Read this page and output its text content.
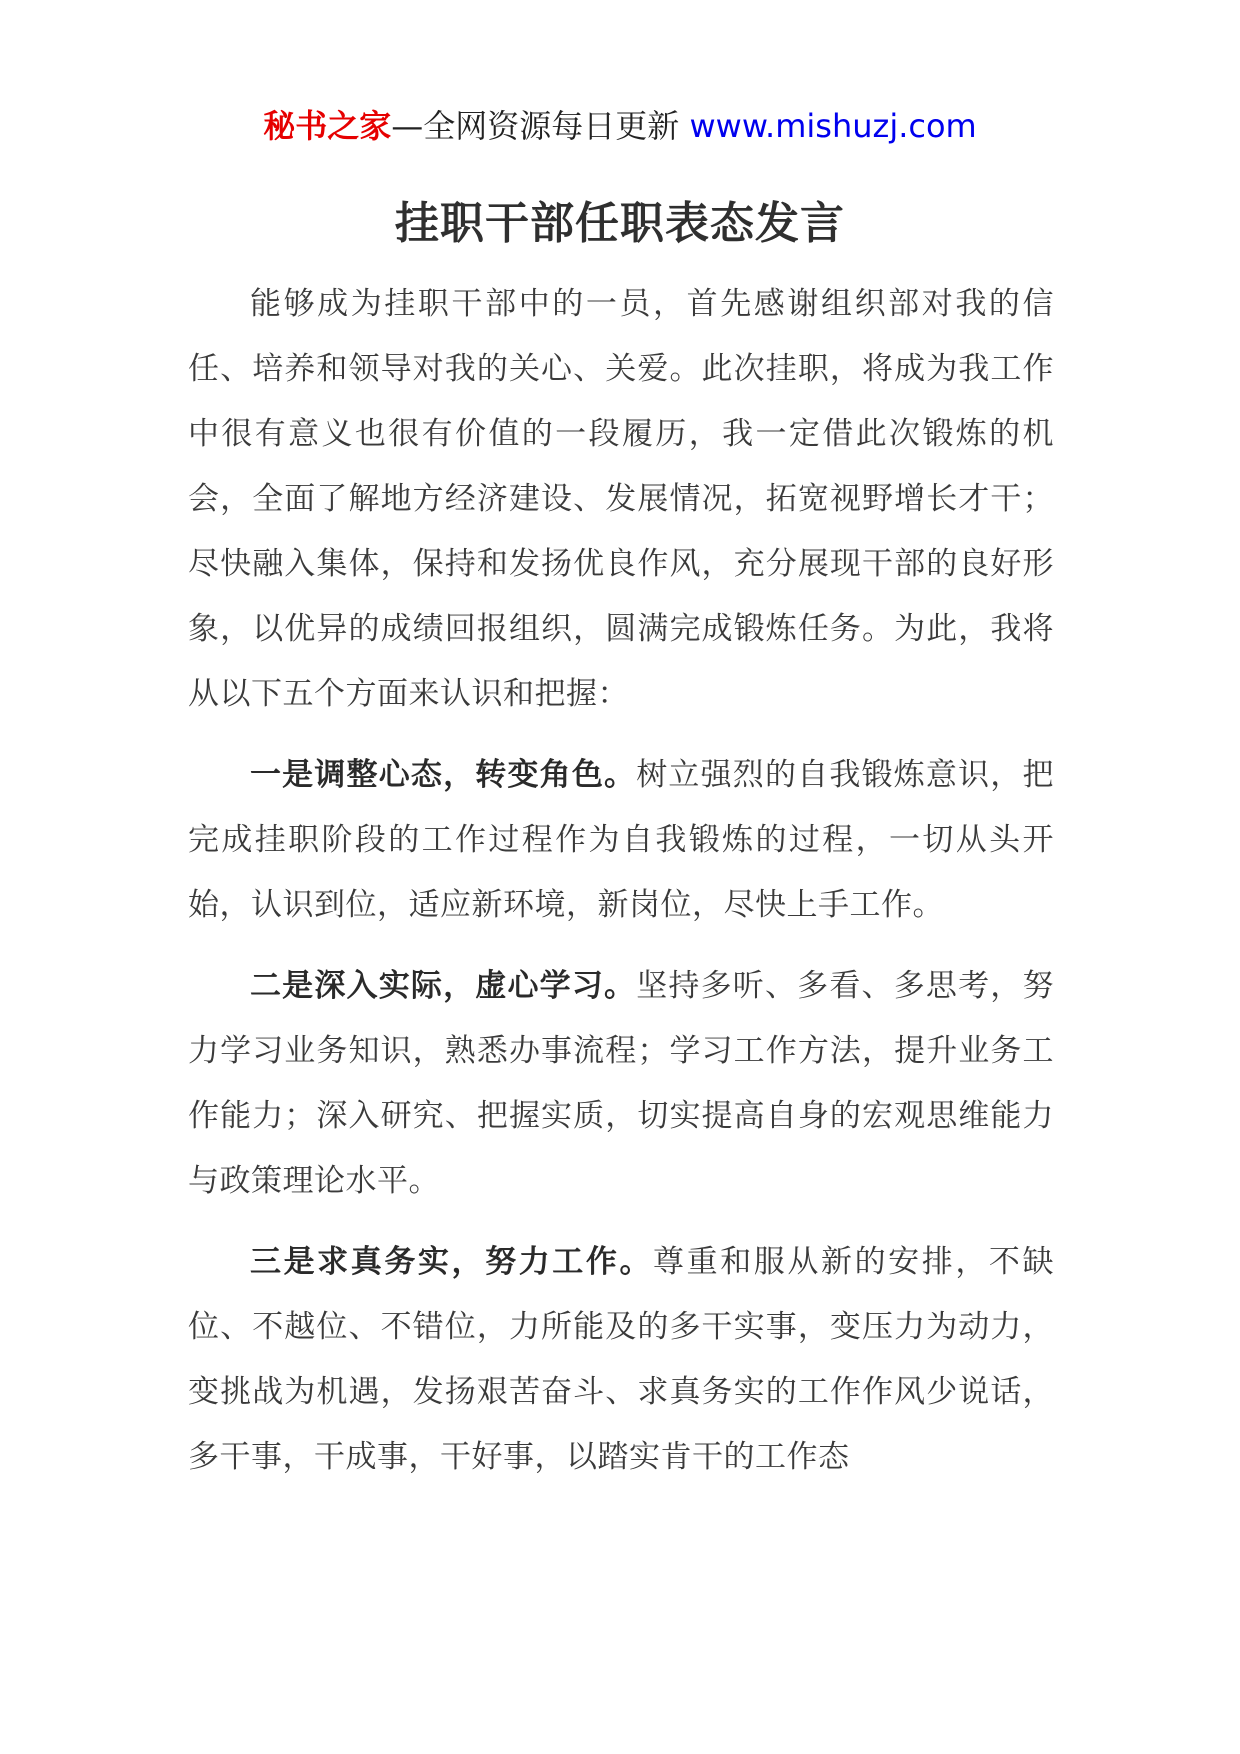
秘书之家—全网资源每日更新 www.mishuzj.com
挂职干部任职表态发言

能够成为挂职干部中的一员，首先感谢组织部对我的信任、培养和领导对我的关心、关爱。此次挂职，将成为我工作中很有意义也很有价值的一段履历，我一定借此次锻炼的机会，全面了解地方经济建设、发展情况，拓宽视野增长才干；尽快融入集体，保持和发扬优良作风，充分展现干部的良好形象，以优异的成绩回报组织，圆满完成锻炼任务。为此，我将从以下五个方面来认识和把握：

一是调整心态，转变角色。树立强烈的自我锻炼意识，把完成挂职阶段的工作过程作为自我锻炼的过程，一切从头开始，认识到位，适应新环境，新岗位，尽快上手工作。

二是深入实际，虚心学习。坚持多听、多看、多思考，努力学习业务知识，熟悉办事流程；学习工作方法，提升业务工作能力；深入研究、把握实质，切实提高自身的宏观思维能力与政策理论水平。

三是求真务实，努力工作。尊重和服从新的安排，不缺位、不越位、不错位，力所能及的多干实事，变压力为动力，变挑战为机遇，发扬艰苦奋斗、求真务实的工作作风少说话，多干事，干成事，干好事，以踏实肯干的工作态
